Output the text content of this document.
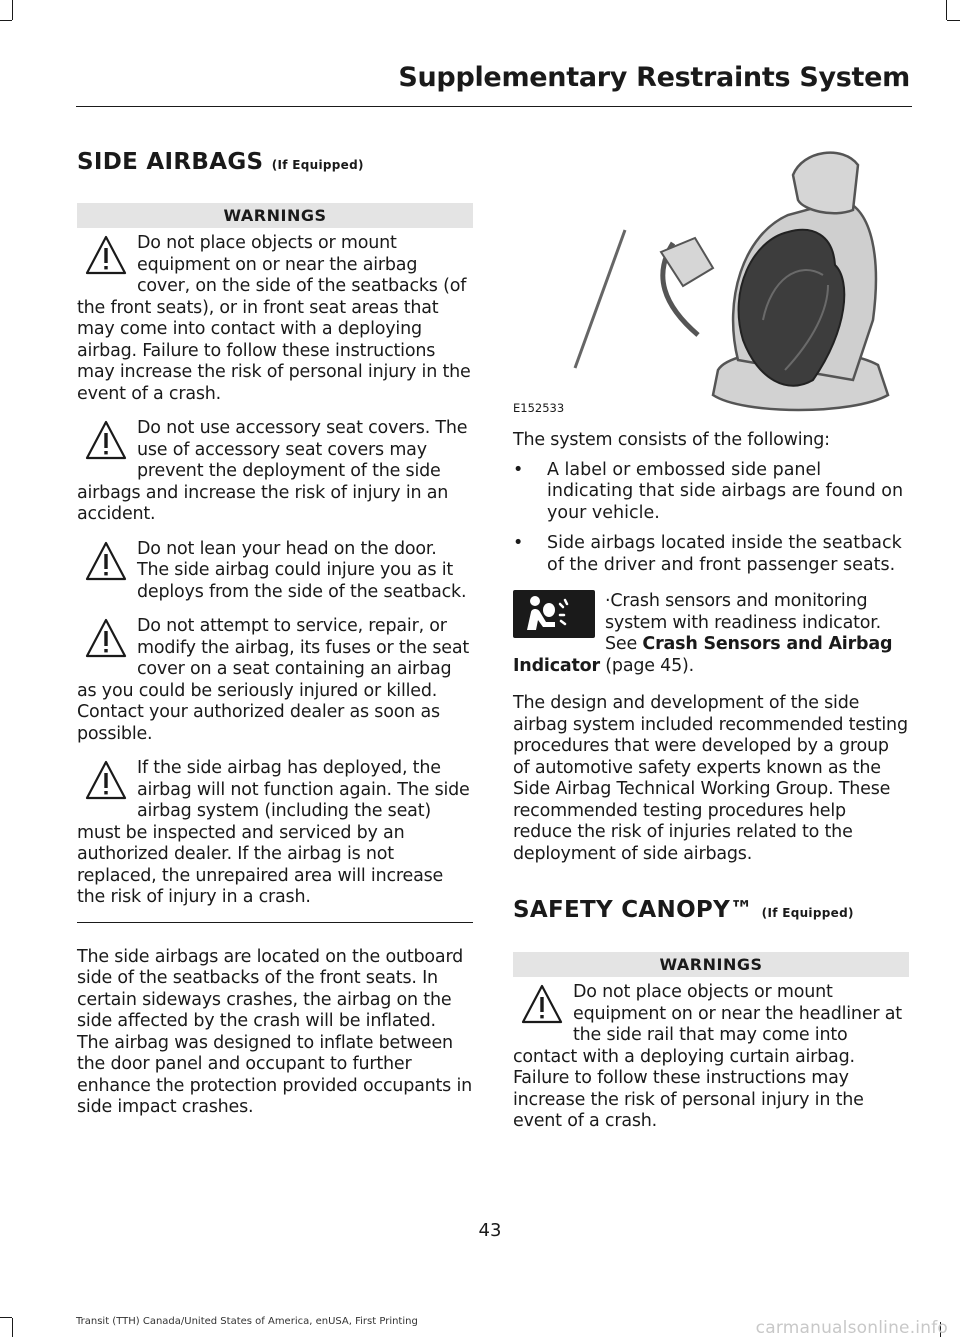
Supplementary Restraints System
SIDE AIRBAGS (If Equipped)
WARNINGS

Do not place objects or mount equipment on or near the airbag cover, on the side of the seatbacks (of the front seats), or in front seat areas that may come into contact with a deploying airbag. Failure to follow these instructions may increase the risk of personal injury in the event of a crash.

Do not use accessory seat covers. The use of accessory seat covers may prevent the deployment of the side airbags and increase the risk of injury in an accident.

Do not lean your head on the door. The side airbag could injure you as it deploys from the side of the seatback.

Do not attempt to service, repair, or modify the airbag, its fuses or the seat cover on a seat containing an airbag as you could be seriously injured or killed. Contact your authorized dealer as soon as possible.

If the side airbag has deployed, the airbag will not function again. The side airbag system (including the seat) must be inspected and serviced by an authorized dealer. If the airbag is not replaced, the unrepaired area will increase the risk of injury in a crash.

The side airbags are located on the outboard side of the seatbacks of the front seats. In certain sideways crashes, the airbag on the side affected by the crash will be inflated. The airbag was designed to inflate between the door panel and occupant to further enhance the protection provided occupants in side impact crashes.

E152533

The system consists of the following:

• A label or embossed side panel indicating that side airbags are found on your vehicle.
• Side airbags located inside the seatback of the driver and front passenger seats.

·Crash sensors and monitoring system with readiness indicator. See Crash Sensors and Airbag Indicator (page 45).

The design and development of the side airbag system included recommended testing procedures that were developed by a group of automotive safety experts known as the Side Airbag Technical Working Group. These recommended testing procedures help reduce the risk of injuries related to the deployment of side airbags.

SAFETY CANOPY™ (If Equipped)
WARNINGS

Do not place objects or mount equipment on or near the headliner at the side rail that may come into contact with a deploying curtain airbag. Failure to follow these instructions may increase the risk of personal injury in the event of a crash.

43
Transit (TTH) Canada/United States of America, enUSA, First Printing	carmanualsonline.info
